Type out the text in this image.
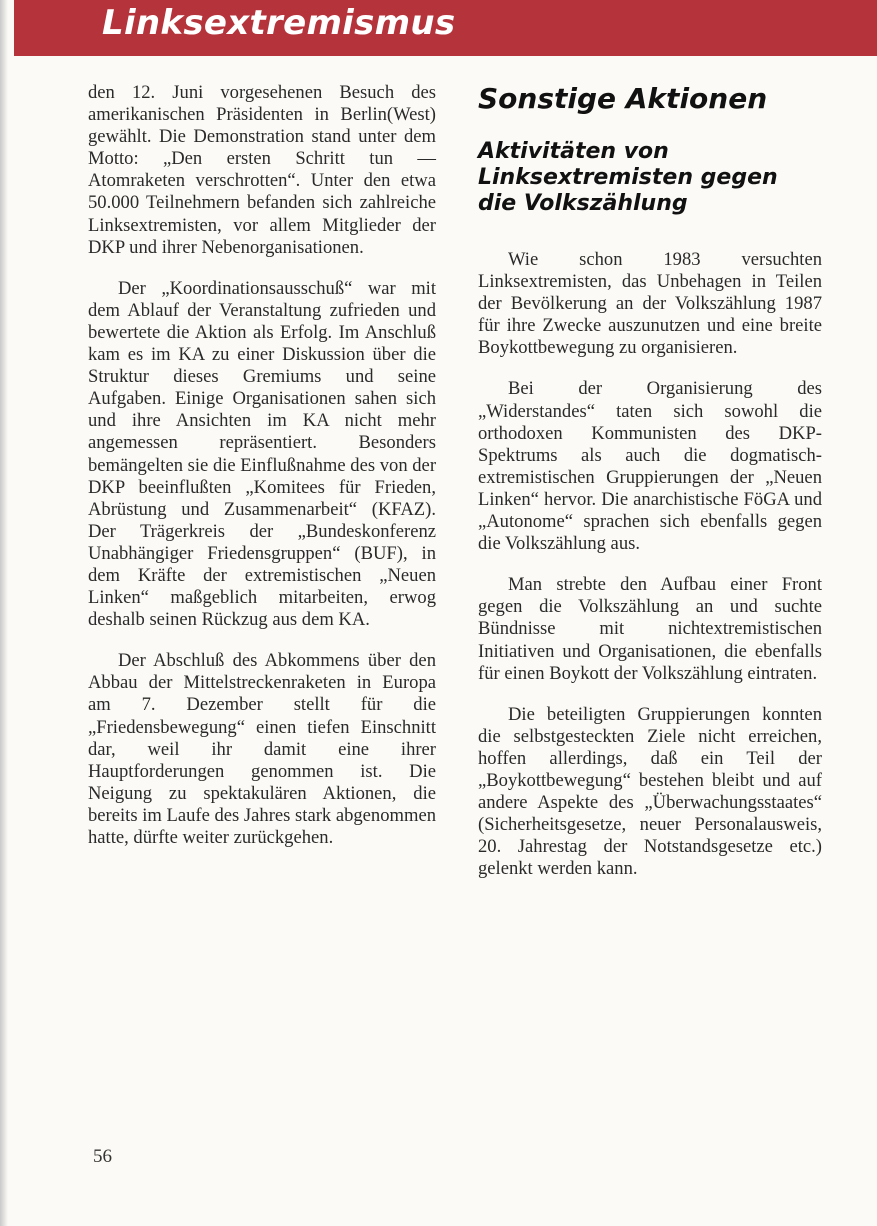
Linksextremismus

den 12. Juni vorgesehenen Besuch des amerikanischen Präsidenten in Berlin(West) gewählt. Die Demonstration stand unter dem Motto: „Den ersten Schritt tun — Atomraketen verschrotten“. Unter den etwa 50.000 Teilnehmern befanden sich zahlreiche Linksextremisten, vor allem Mitglieder der DKP und ihrer Nebenorganisationen.

Der „Koordinationsausschuß“ war mit dem Ablauf der Veranstaltung zufrieden und bewertete die Aktion als Erfolg. Im Anschluß kam es im KA zu einer Diskussion über die Struktur dieses Gremiums und seine Aufgaben. Einige Organisationen sahen sich und ihre Ansichten im KA nicht mehr angemessen repräsentiert. Besonders bemängelten sie die Einflußnahme des von der DKP beeinflußten „Komitees für Frieden, Abrüstung und Zusammenarbeit“ (KFAZ). Der Trägerkreis der „Bundeskonferenz Unabhängiger Friedensgruppen“ (BUF), in dem Kräfte der extremistischen „Neuen Linken“ maßgeblich mitarbeiten, erwog deshalb seinen Rückzug aus dem KA.

Der Abschluß des Abkommens über den Abbau der Mittelstreckenraketen in Europa am 7. Dezember stellt für die „Friedensbewegung“ einen tiefen Einschnitt dar, weil ihr damit eine ihrer Hauptforderungen genommen ist. Die Neigung zu spektakulären Aktionen, die bereits im Laufe des Jahres stark abgenommen hatte, dürfte weiter zurückgehen.

Sonstige Aktionen
Aktivitäten von Linksextremisten gegen die Volkszählung

Wie schon 1983 versuchten Linksextremisten, das Unbehagen in Teilen der Bevölkerung an der Volkszählung 1987 für ihre Zwecke auszunutzen und eine breite Boykottbewegung zu organisieren.

Bei der Organisierung des „Widerstandes“ taten sich sowohl die orthodoxen Kommunisten des DKP-Spektrums als auch die dogmatisch- extremistischen Gruppierungen der „Neuen Linken“ hervor. Die anarchistische FöGA und „Autonome“ sprachen sich ebenfalls gegen die Volkszählung aus.

Man strebte den Aufbau einer Front gegen die Volkszählung an und suchte Bündnisse mit nichtextremistischen Initiativen und Organisationen, die ebenfalls für einen Boykott der Volkszählung eintraten.

Die beteiligten Gruppierungen konnten die selbstgesteckten Ziele nicht erreichen, hoffen allerdings, daß ein Teil der „Boykottbewegung“ bestehen bleibt und auf andere Aspekte des „Überwachungsstaates“ (Sicherheitsgesetze, neuer Personalausweis, 20. Jahrestag der Notstandsgesetze etc.) gelenkt werden kann.

56
